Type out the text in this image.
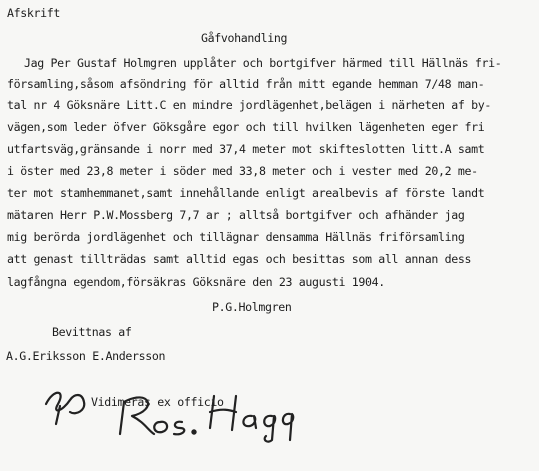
Afskrift
Gåfvohandling
Jag Per Gustaf Holmgren upplåter och bortgifver härmed till Hällnäs fri-
församling,såsom afsöndring för alltid från mitt egande hemman 7/48 man-
tal nr 4 Göksnäre Litt.C en mindre jordlägenhet,belägen i närheten af by-
vägen,som leder öfver Göksgåre egor och till hvilken lägenheten eger fri
utfartsväg,gränsande i norr med 37,4 meter mot skifteslotten litt.A samt
i öster med 23,8 meter i söder med 33,8 meter och i vester med 20,2 me-
ter mot stamhemmanet,samt innehållande enligt arealbevis af förste landt
mätaren Herr P.W.Mossberg 7,7 ar ; alltså bortgifver och afhänder jag
mig berörda jordlägenhet och tillägnar densamma Hällnäs friförsamling
att genast tillträdas samt alltid egas och besittas som all annan dess
lagfångna egendom,försäkras Göksnäre den 23 augusti 1904.
P.G.Holmgren
Bevittnas af
A.G.Eriksson E.Andersson
Vidimeras ex officio
